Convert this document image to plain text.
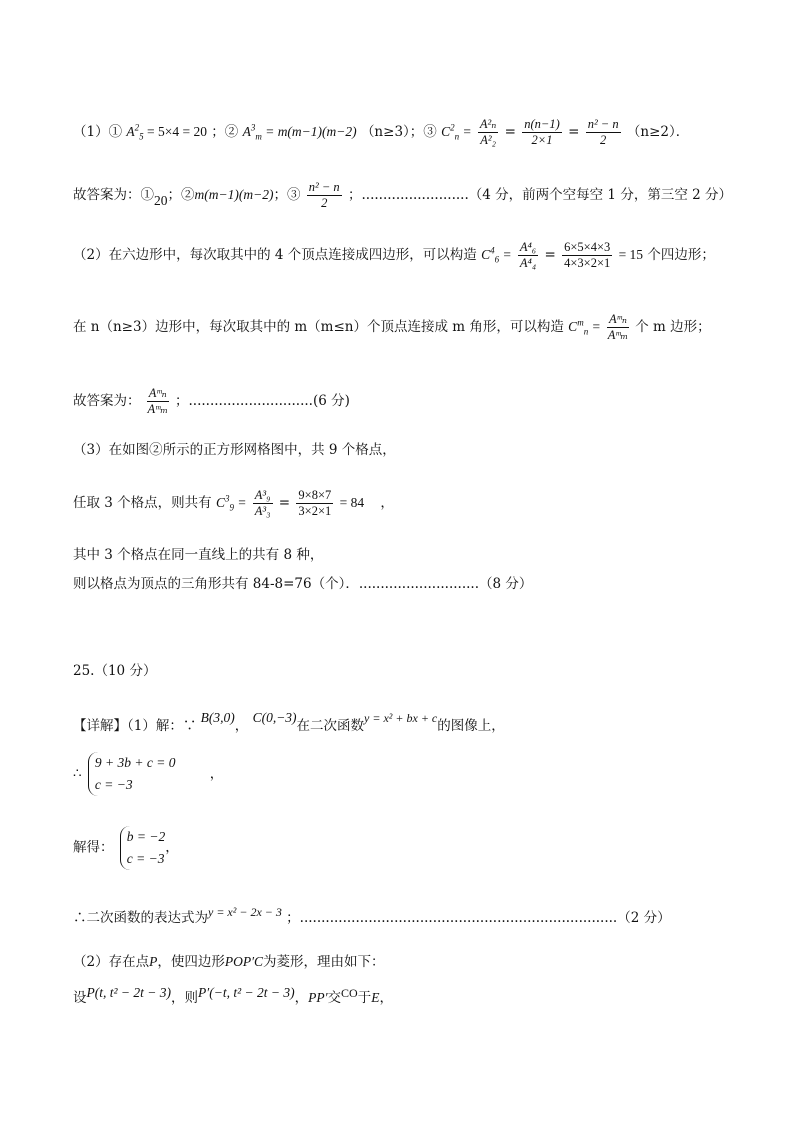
（1）① $A^2_5 = 5\times 4 = 20$ ；② $A^3_m = m(m-1)(m-2)$ （n≥3）；③ $C^2_n = \frac{\text{A²ₙ}}{\text{A²₂}} = \frac{n(n-1)}{2\times 1} = \frac{\text{n² − n}}{2} (n\ge 2)$．
故答案为：①20；②m(m−1)(m−2)；③ $\frac{\text{n² − n}}{2}$ ；.........................（4 分，前两个空每空 1 分，第三空 2 分）
（2）在六边形中，每次取其中的 4 个顶点连接成四边形，可以构造 $C^4_6 = \frac{\text{A⁴₆}}{\text{A⁴₄}} = \frac{6\times 5\times 4\times 3}{4\times 3\times 2\times 1} = 15$ 个四边形；
在 n（n≥3）边形中，每次取其中的 m（m≤n）个顶点连接成 m 角形，可以构造 $C^m_n = \frac{\text{Aᵐₙ}}{\text{Aᵐₘ}}$ 个 m 边形；
故答案为： $\frac{\text{Aᵐₙ}}{\text{Aᵐₘ}}$ ；.............................(6 分)
（3）在如图②所示的正方形网格图中，共 9 个格点，
任取 3 个格点，则共有 $C^3_9 = \frac{\text{A³₉}}{\text{A³₃}} = \frac{9\times 8\times 7}{3\times 2\times 1} = 84$ ，
其中 3 个格点在同一直线上的共有 8 种，
则以格点为顶点的三角形共有 84-8=76（个）．............................（8 分）
25.（10 分）
【详解】（1）解：∵ B(3,0)， C(0,−3)在二次函数y = x² + bx + c的图像上，
∴
9 + 3b + c = 0
c = −3
，
解得：
b = −2
c = −3
，
∴二次函数的表达式为y = x² − 2x − 3 ；..........................................................................（2 分）
（2）存在点P，使四边形POP′C为菱形，理由如下：
设P(t, t² − 2t − 3)，则P′(−t, t² − 2t − 3)，PP′交CO于E，
